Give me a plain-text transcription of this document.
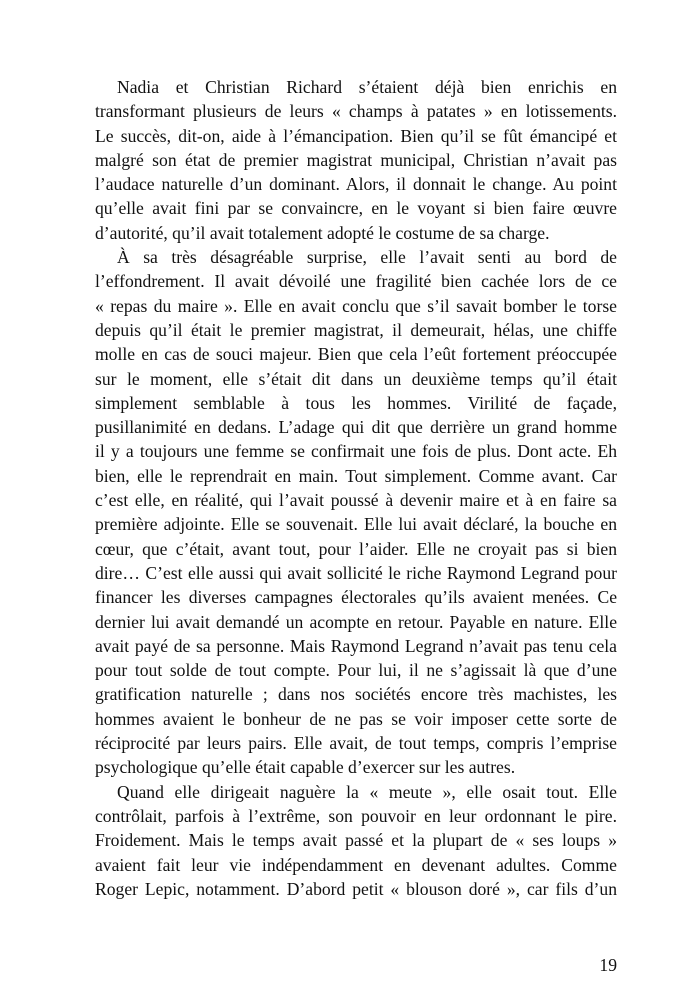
Nadia et Christian Richard s’étaient déjà bien enrichis en
transformant plusieurs de leurs « champs à patates » en lotissements.
Le succès, dit-on, aide à l’émancipation. Bien qu’il se fût émancipé et
malgré son état de premier magistrat municipal, Christian n’avait pas
l’audace naturelle d’un dominant. Alors, il donnait le change. Au point
qu’elle avait fini par se convaincre, en le voyant si bien faire œuvre
d’autorité, qu’il avait totalement adopté le costume de sa charge.
À sa très désagréable surprise, elle l’avait senti au bord de
l’effondrement. Il avait dévoilé une fragilité bien cachée lors de ce
« repas du maire ». Elle en avait conclu que s’il savait bomber le torse
depuis qu’il était le premier magistrat, il demeurait, hélas, une chiffe
molle en cas de souci majeur. Bien que cela l’eût fortement préoccupée
sur le moment, elle s’était dit dans un deuxième temps qu’il était
simplement semblable à tous les hommes. Virilité de façade,
pusillanimité en dedans. L’adage qui dit que derrière un grand homme
il y a toujours une femme se confirmait une fois de plus. Dont acte. Eh
bien, elle le reprendrait en main. Tout simplement. Comme avant. Car
c’est elle, en réalité, qui l’avait poussé à devenir maire et à en faire sa
première adjointe. Elle se souvenait. Elle lui avait déclaré, la bouche en
cœur, que c’était, avant tout, pour l’aider. Elle ne croyait pas si bien
dire… C’est elle aussi qui avait sollicité le riche Raymond Legrand pour
financer les diverses campagnes électorales qu’ils avaient menées. Ce
dernier lui avait demandé un acompte en retour. Payable en nature. Elle
avait payé de sa personne. Mais Raymond Legrand n’avait pas tenu cela
pour tout solde de tout compte. Pour lui, il ne s’agissait là que d’une
gratification naturelle ; dans nos sociétés encore très machistes, les
hommes avaient le bonheur de ne pas se voir imposer cette sorte de
réciprocité par leurs pairs. Elle avait, de tout temps, compris l’emprise
psychologique qu’elle était capable d’exercer sur les autres.
Quand elle dirigeait naguère la « meute », elle osait tout. Elle
contrôlait, parfois à l’extrême, son pouvoir en leur ordonnant le pire.
Froidement. Mais le temps avait passé et la plupart de « ses loups »
avaient fait leur vie indépendamment en devenant adultes. Comme
Roger Lepic, notamment. D’abord petit « blouson doré », car fils d’un
19
